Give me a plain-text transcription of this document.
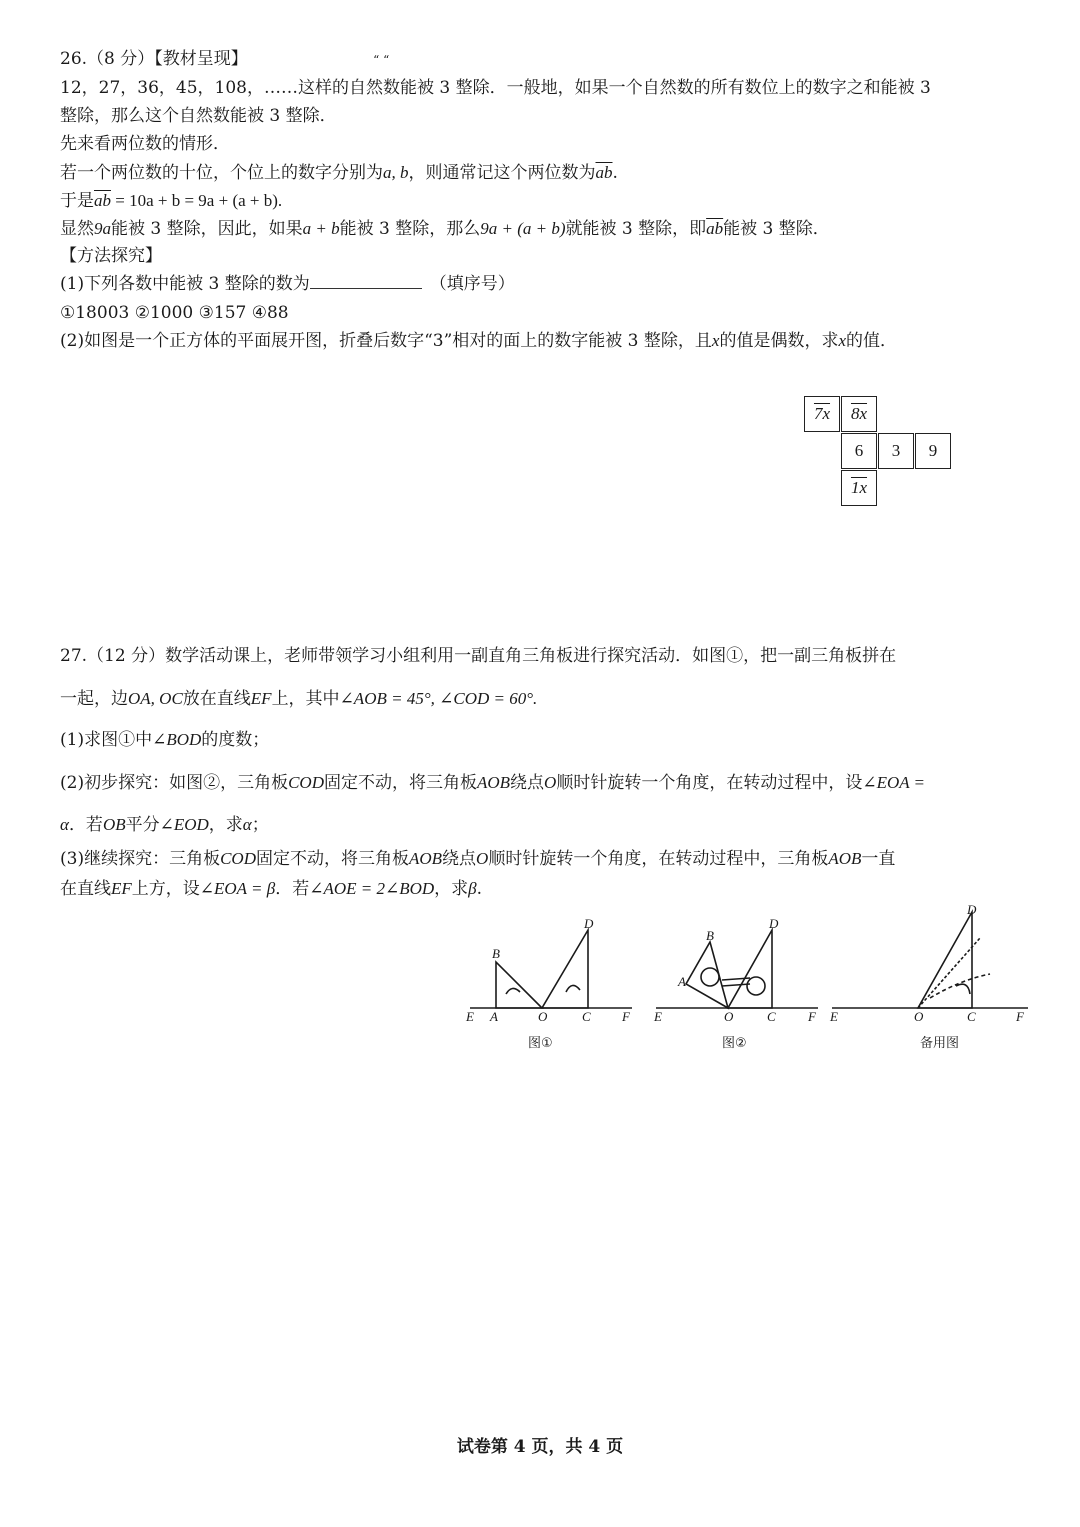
26.（8 分）【教材呈现】	“ “
12，27，36，45，108，……这样的自然数能被 3 整除．一般地，如果一个自然数的所有数位上的数字之和能被 3
整除，那么这个自然数能被 3 整除．
先来看两位数的情形．
若一个两位数的十位，个位上的数字分别为a, b，则通常记这个两位数为$\overline{ab}$.
于是$\overline{ab} = 10a + b = 9a + (a + b)$.
显然9a能被 3 整除，因此，如果a + b能被 3 整除，那么9a + (a + b)就能被 3 整除，即$\overline{ab}$能被 3 整除．
【方法探究】
(1)下列各数中能被 3 整除的数为	（填序号）
①18003 ②1000 ③157 ④88
(2)如图是一个正方体的平面展开图，折叠后数字“3”相对的面上的数字能被 3 整除，且x的值是偶数，求x的值．
7x	8x
6	3	9
1x
27.（12 分）数学活动课上，老师带领学习小组利用一副直角三角板进行探究活动．如图①，把一副三角板拼在
一起，边OA, OC放在直线EF上，其中∠AOB = 45°, ∠COD = 60°.
(1)求图①中∠BOD的度数；
(2)初步探究：如图②，三角板COD固定不动，将三角板AOB绕点O顺时针旋转一个角度，在转动过程中，设∠EOA =
α．若OB平分∠EOD，求α；
(3)继续探究：三角板COD固定不动，将三角板AOB绕点O顺时针旋转一个角度，在转动过程中，三角板AOB一直
在直线EF上方，设∠EOA = β．若∠AOE = 2∠BOD，求β.
E A	O	C F
B
D
E
A
B
O	C F
D
E	O	C	F
D
图①	图②	备用图
试卷第 4 页，共 4 页
